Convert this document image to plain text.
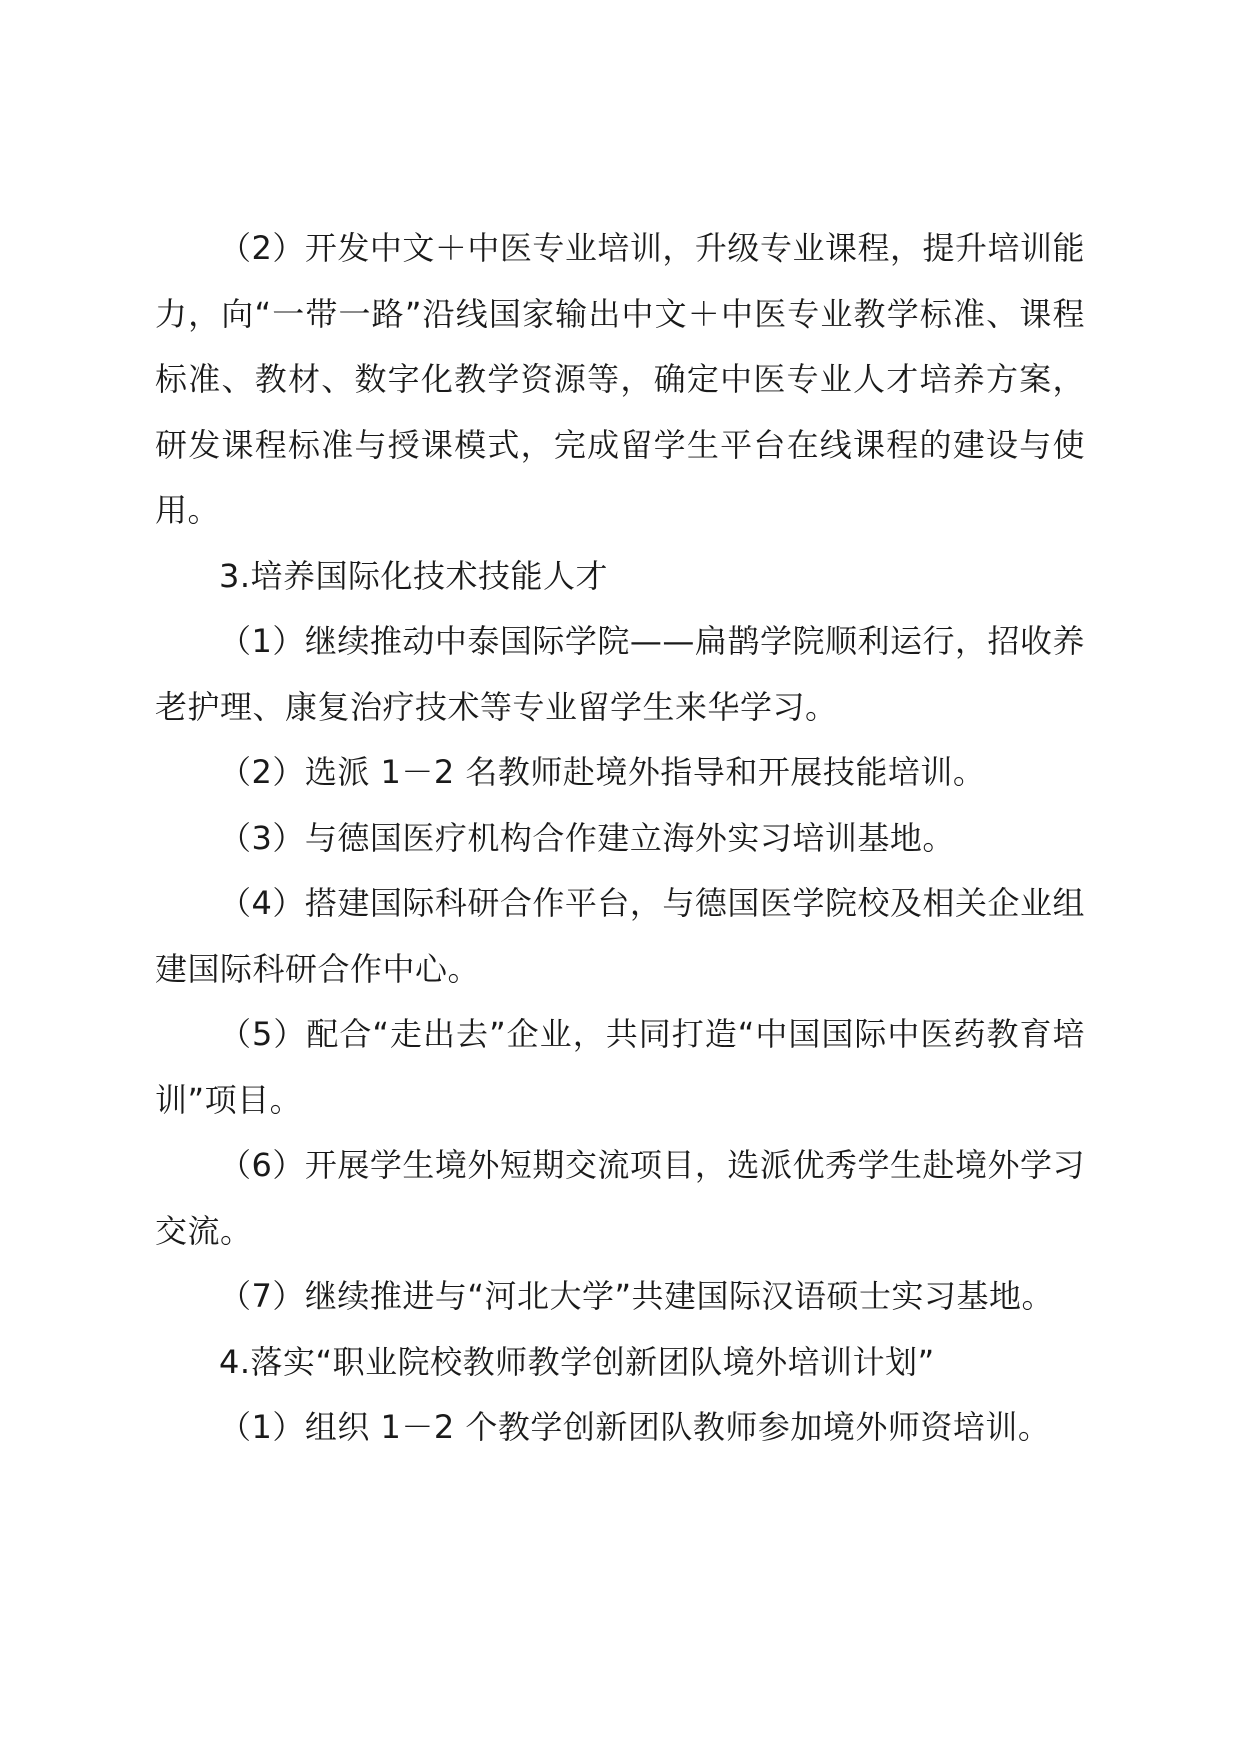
（2）开发中文＋中医专业培训，升级专业课程，提升培训能力，向“一带一路”沿线国家输出中文＋中医专业教学标准、课程标准、教材、数字化教学资源等，确定中医专业人才培养方案，研发课程标准与授课模式，完成留学生平台在线课程的建设与使用。

3.培养国际化技术技能人才

（1）继续推动中泰国际学院——扁鹊学院顺利运行，招收养老护理、康复治疗技术等专业留学生来华学习。

（2）选派 1－2 名教师赴境外指导和开展技能培训。

（3）与德国医疗机构合作建立海外实习培训基地。

（4）搭建国际科研合作平台，与德国医学院校及相关企业组建国际科研合作中心。

（5）配合“走出去”企业，共同打造“中国国际中医药教育培训”项目。

（6）开展学生境外短期交流项目，选派优秀学生赴境外学习交流。

（7）继续推进与“河北大学”共建国际汉语硕士实习基地。

4.落实“职业院校教师教学创新团队境外培训计划”

（1）组织 1－2 个教学创新团队教师参加境外师资培训。
